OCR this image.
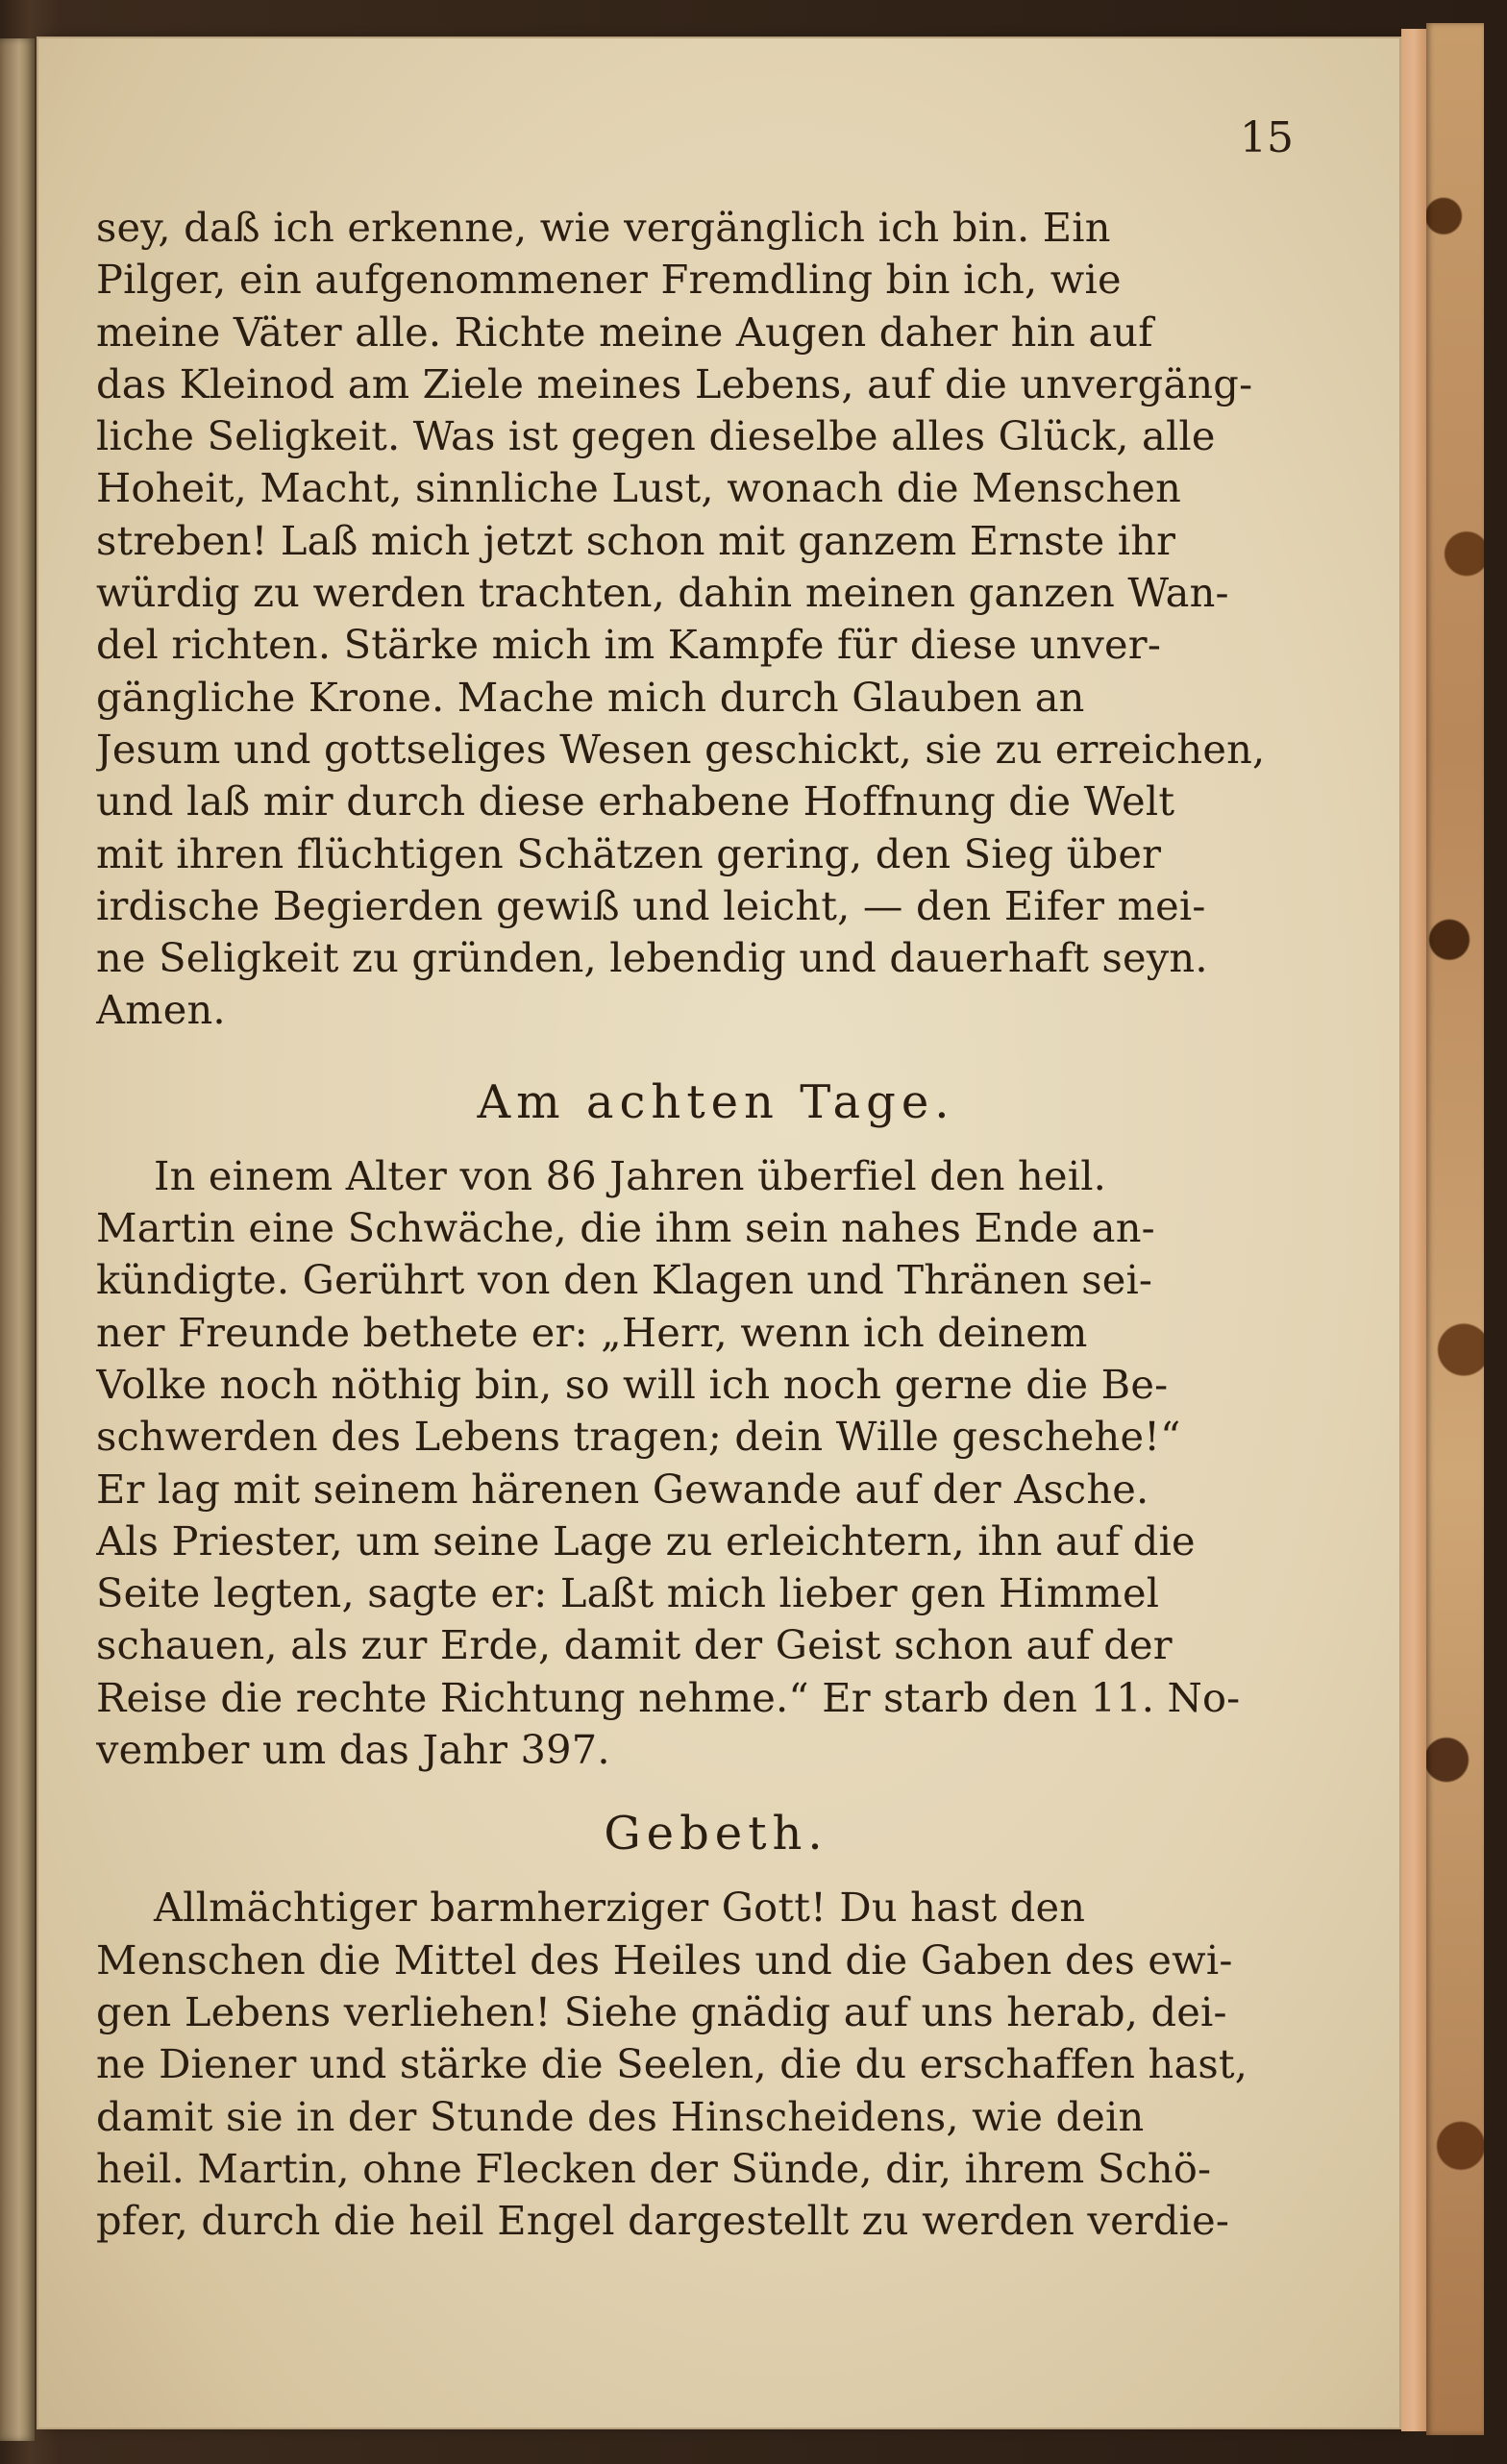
15
sey, daß ich erkenne, wie vergänglich ich bin. Ein
Pilger, ein aufgenommener Fremdling bin ich, wie
meine Väter alle. Richte meine Augen daher hin auf
das Kleinod am Ziele meines Lebens, auf die unvergäng-
liche Seligkeit. Was ist gegen dieselbe alles Glück, alle
Hoheit, Macht, sinnliche Lust, wonach die Menschen
streben! Laß mich jetzt schon mit ganzem Ernste ihr
würdig zu werden trachten, dahin meinen ganzen Wan-
del richten. Stärke mich im Kampfe für diese unver-
gängliche Krone. Mache mich durch Glauben an
Jesum und gottseliges Wesen geschickt, sie zu erreichen,
und laß mir durch diese erhabene Hoffnung die Welt
mit ihren flüchtigen Schätzen gering, den Sieg über
irdische Begierden gewiß und leicht, — den Eifer mei-
ne Seligkeit zu gründen, lebendig und dauerhaft seyn.
Amen.
Am achten Tage.
In einem Alter von 86 Jahren überfiel den heil.
Martin eine Schwäche, die ihm sein nahes Ende an-
kündigte. Gerührt von den Klagen und Thränen sei-
ner Freunde bethete er: „Herr, wenn ich deinem
Volke noch nöthig bin, so will ich noch gerne die Be-
schwerden des Lebens tragen; dein Wille geschehe!“
Er lag mit seinem härenen Gewande auf der Asche.
Als Priester, um seine Lage zu erleichtern, ihn auf die
Seite legten, sagte er: Laßt mich lieber gen Himmel
schauen, als zur Erde, damit der Geist schon auf der
Reise die rechte Richtung nehme.“ Er starb den 11. No-
vember um das Jahr 397.
Gebeth.
Allmächtiger barmherziger Gott! Du hast den
Menschen die Mittel des Heiles und die Gaben des ewi-
gen Lebens verliehen! Siehe gnädig auf uns herab, dei-
ne Diener und stärke die Seelen, die du erschaffen hast,
damit sie in der Stunde des Hinscheidens, wie dein
heil. Martin, ohne Flecken der Sünde, dir, ihrem Schö-
pfer, durch die heil Engel dargestellt zu werden verdie-
